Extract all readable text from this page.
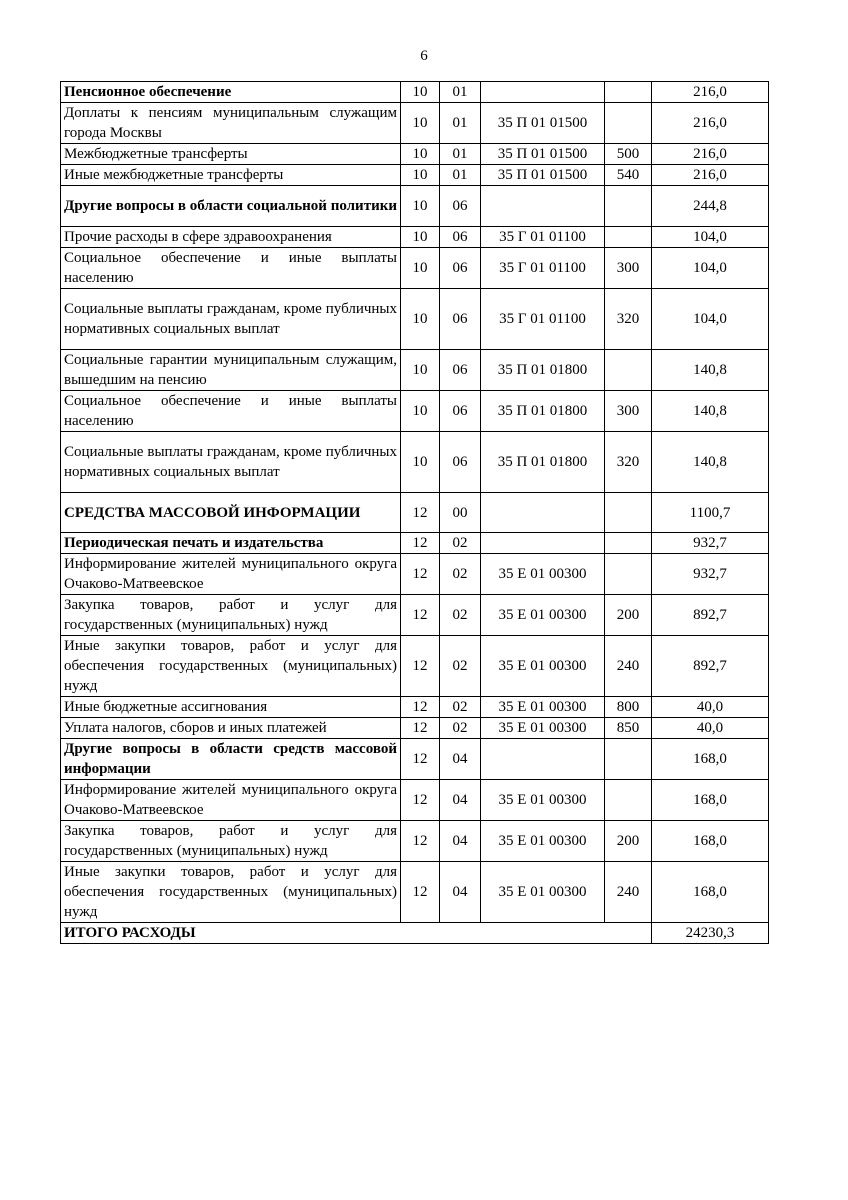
6
Пенсионное обеспечение	10	01			216,0
Доплаты к пенсиям муниципальным служащим города Москвы	10	01	35 П 01 01500		216,0
Межбюджетные трансферты	10	01	35 П 01 01500	500	216,0
Иные межбюджетные трансферты	10	01	35 П 01 01500	540	216,0
Другие вопросы в области социальной политики	10	06			244,8
Прочие расходы в сфере здравоохранения	10	06	35 Г 01 01100		104,0
Социальное обеспечение и иные выплаты населению	10	06	35 Г 01 01100	300	104,0
Социальные выплаты гражданам, кроме публичных нормативных социальных выплат	10	06	35 Г 01 01100	320	104,0
Социальные гарантии муниципальным служащим, вышедшим на пенсию	10	06	35 П 01 01800		140,8
Социальное обеспечение и иные выплаты населению	10	06	35 П 01 01800	300	140,8
Социальные выплаты гражданам, кроме публичных нормативных социальных выплат	10	06	35 П 01 01800	320	140,8
СРЕДСТВА МАССОВОЙ ИНФОРМАЦИИ	12	00			1100,7
Периодическая печать и издательства	12	02			932,7
Информирование жителей муниципального округа Очаково-Матвеевское	12	02	35 Е 01 00300		932,7
Закупка товаров, работ и услуг для государственных (муниципальных) нужд	12	02	35 Е 01 00300	200	892,7
Иные закупки товаров, работ и услуг для обеспечения государственных (муниципальных) нужд	12	02	35 Е 01 00300	240	892,7
Иные бюджетные ассигнования	12	02	35 Е 01 00300	800	40,0
Уплата налогов, сборов и иных платежей	12	02	35 Е 01 00300	850	40,0
Другие вопросы в области средств массовой информации	12	04			168,0
Информирование жителей муниципального округа Очаково-Матвеевское	12	04	35 Е 01 00300		168,0
Закупка товаров, работ и услуг для государственных (муниципальных) нужд	12	04	35 Е 01 00300	200	168,0
Иные закупки товаров, работ и услуг для обеспечения государственных (муниципальных) нужд	12	04	35 Е 01 00300	240	168,0
ИТОГО РАСХОДЫ					24230,3
